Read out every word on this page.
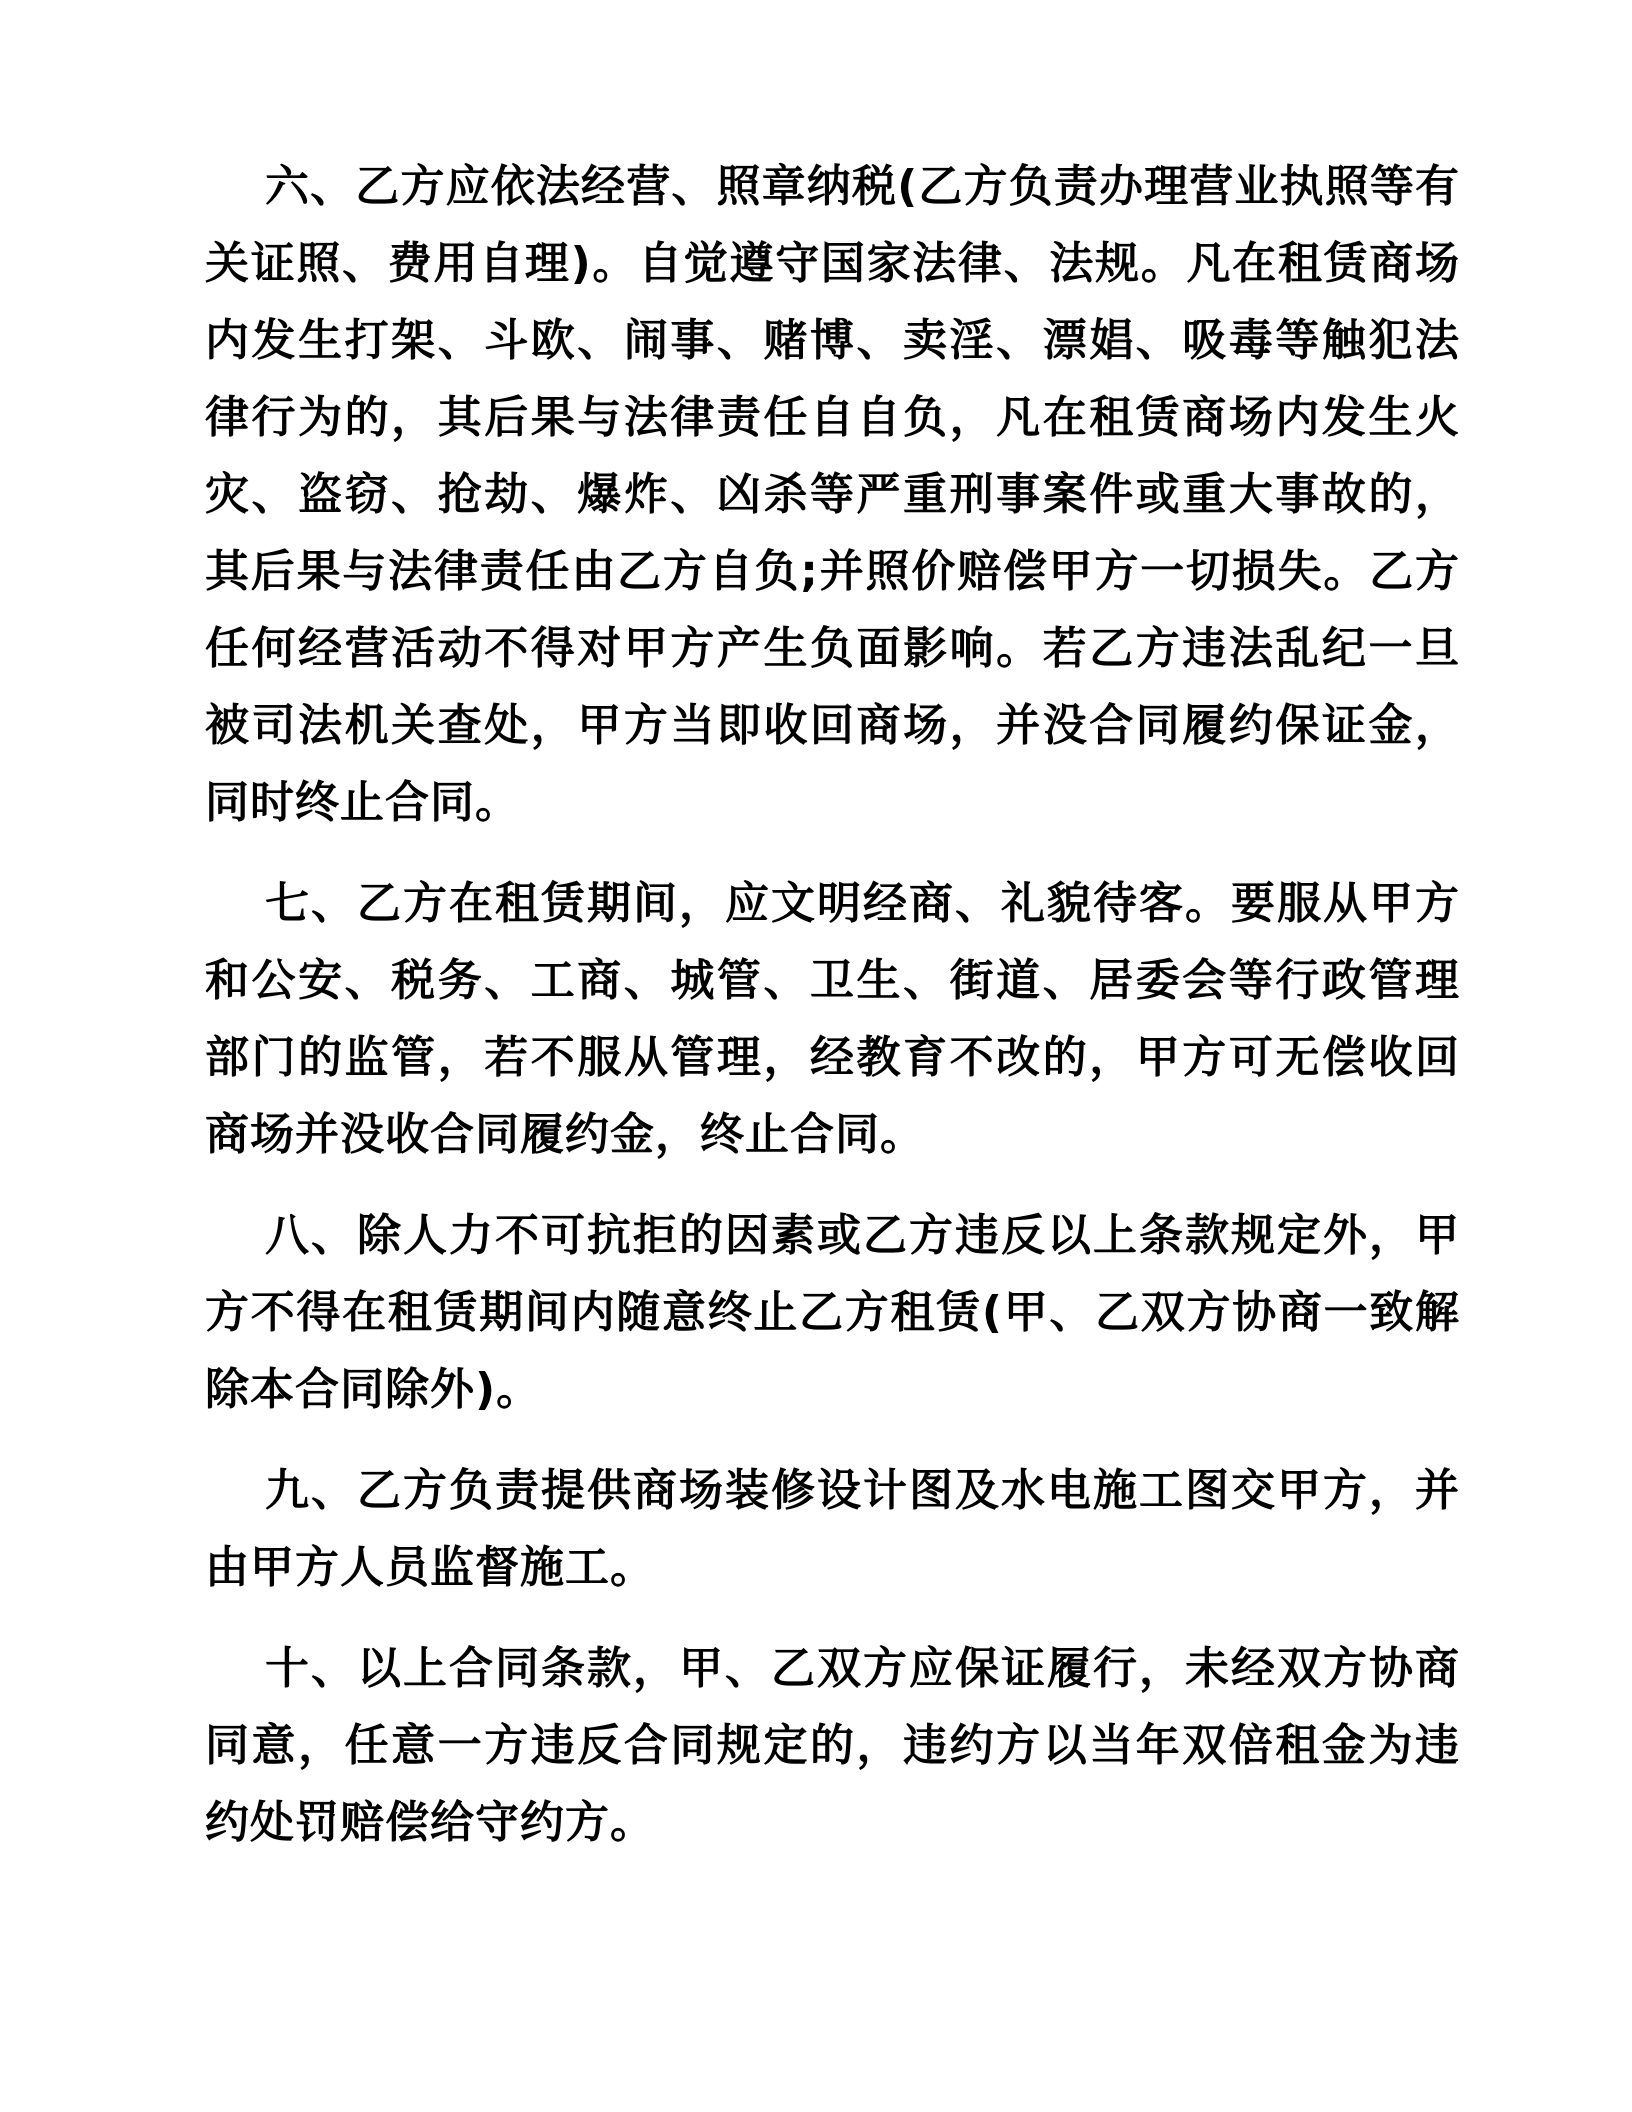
六、乙方应依法经营、照章纳税(乙方负责办理营业执照等有关证照、费用自理)。自觉遵守国家法律、法规。凡在租赁商场内发生打架、斗欧、闹事、赌博、卖淫、漂娼、吸毒等触犯法律行为的，其后果与法律责任自自负，凡在租赁商场内发生火灾、盗窃、抢劫、爆炸、凶杀等严重刑事案件或重大事故的，其后果与法律责任由乙方自负;并照价赔偿甲方一切损失。乙方任何经营活动不得对甲方产生负面影响。若乙方违法乱纪一旦被司法机关查处，甲方当即收回商场，并没合同履约保证金，同时终止合同。

七、乙方在租赁期间，应文明经商、礼貌待客。要服从甲方和公安、税务、工商、城管、卫生、街道、居委会等行政管理部门的监管，若不服从管理，经教育不改的，甲方可无偿收回商场并没收合同履约金，终止合同。

八、除人力不可抗拒的因素或乙方违反以上条款规定外，甲方不得在租赁期间内随意终止乙方租赁(甲、乙双方协商一致解除本合同除外)。

九、乙方负责提供商场装修设计图及水电施工图交甲方，并由甲方人员监督施工。

十、以上合同条款，甲、乙双方应保证履行，未经双方协商同意，任意一方违反合同规定的，违约方以当年双倍租金为违约处罚赔偿给守约方。
